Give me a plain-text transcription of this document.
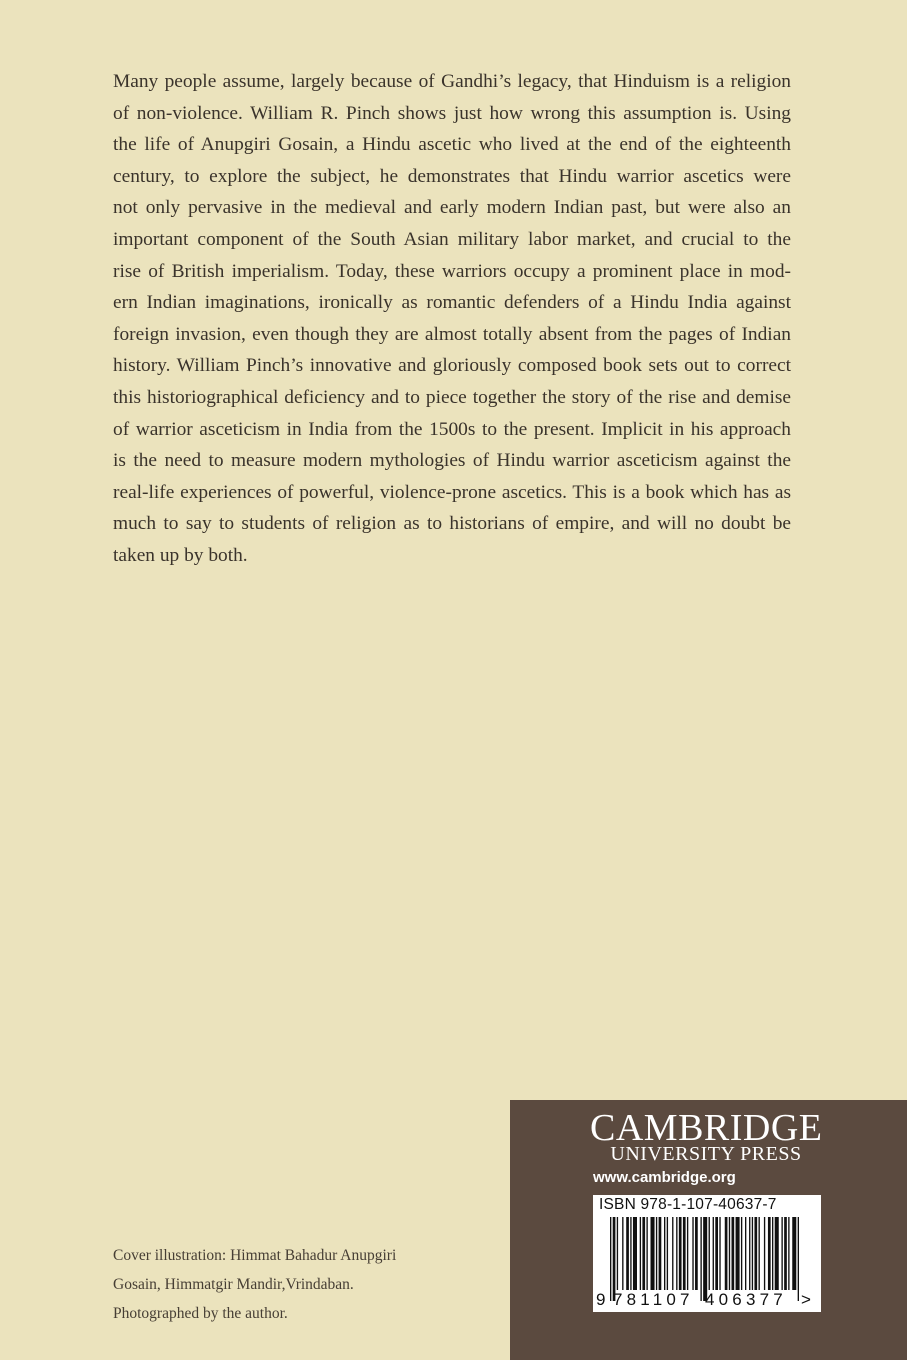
Many people assume, largely because of Gandhi’s legacy, that Hinduism is a religion
of non-violence. William R. Pinch shows just how wrong this assumption is. Using
the life of Anupgiri Gosain, a Hindu ascetic who lived at the end of the eighteenth
century, to explore the subject, he demonstrates that Hindu warrior ascetics were
not only pervasive in the medieval and early modern Indian past, but were also an
important component of the South Asian military labor market, and crucial to the
rise of British imperialism. Today, these warriors occupy a prominent place in mod-
ern Indian imaginations, ironically as romantic defenders of a Hindu India against
foreign invasion, even though they are almost totally absent from the pages of Indian
history. William Pinch’s innovative and gloriously composed book sets out to correct
this historiographical deficiency and to piece together the story of the rise and demise
of warrior asceticism in India from the 1500s to the present. Implicit in his approach
is the need to measure modern mythologies of Hindu warrior asceticism against the
real-life experiences of powerful, violence-prone ascetics. This is a book which has as
much to say to students of religion as to historians of empire, and will no doubt be
taken up by both.
Cover illustration: Himmat Bahadur Anupgiri
Gosain, Himmatgir Mandir,Vrindaban.
Photographed by the author.
CAMBRIDGE
UNIVERSITY PRESS
www.cambridge.org
ISBN 978-1-107-40637-7
9 781107 406377 >
